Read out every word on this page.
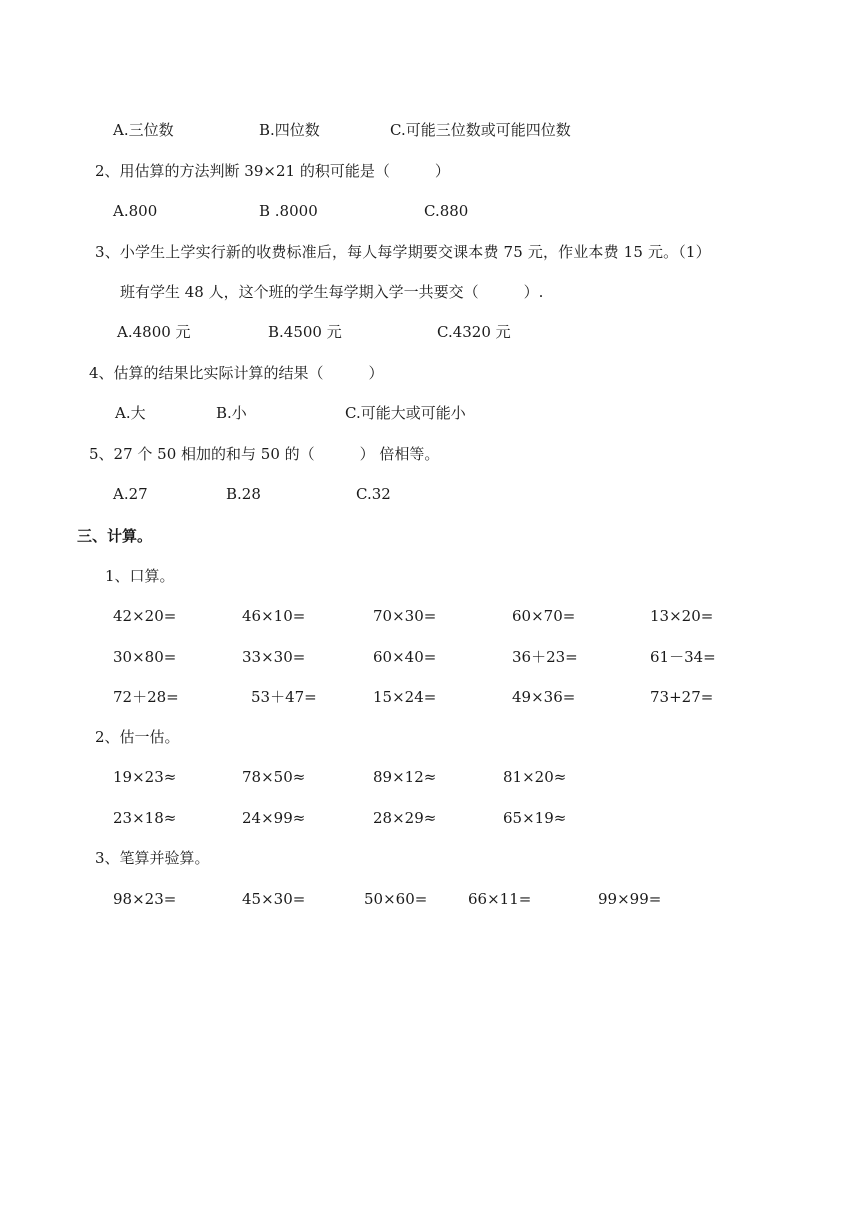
A.三位数	B.四位数	C.可能三位数或可能四位数
2、用估算的方法判断 39×21 的积可能是（　　　）
A.800	B .8000	C.880
3、小学生上学实行新的收费标准后，每人每学期要交课本费 75 元，作业本费 15 元。（1）
班有学生 48 人，这个班的学生每学期入学一共要交（　　　）.
A.4800 元	B.4500 元	C.4320 元
4、估算的结果比实际计算的结果（　　　）
A.大	B.小	C.可能大或可能小
5、27 个 50 相加的和与 50 的（　　　） 倍相等。
A.27	B.28	C.32
三、计算。
1、口算。
42×20=	46×10=	70×30=	60×70=	13×20=
30×80=	33×30=	60×40=	36＋23=	61－34=
72＋28=	53＋47=	15×24=	49×36=	73+27=
2、估一估。
19×23≈	78×50≈	89×12≈	81×20≈
23×18≈	24×99≈	28×29≈	65×19≈
3、笔算并验算。
98×23=	45×30=	50×60=	66×11=	99×99=
